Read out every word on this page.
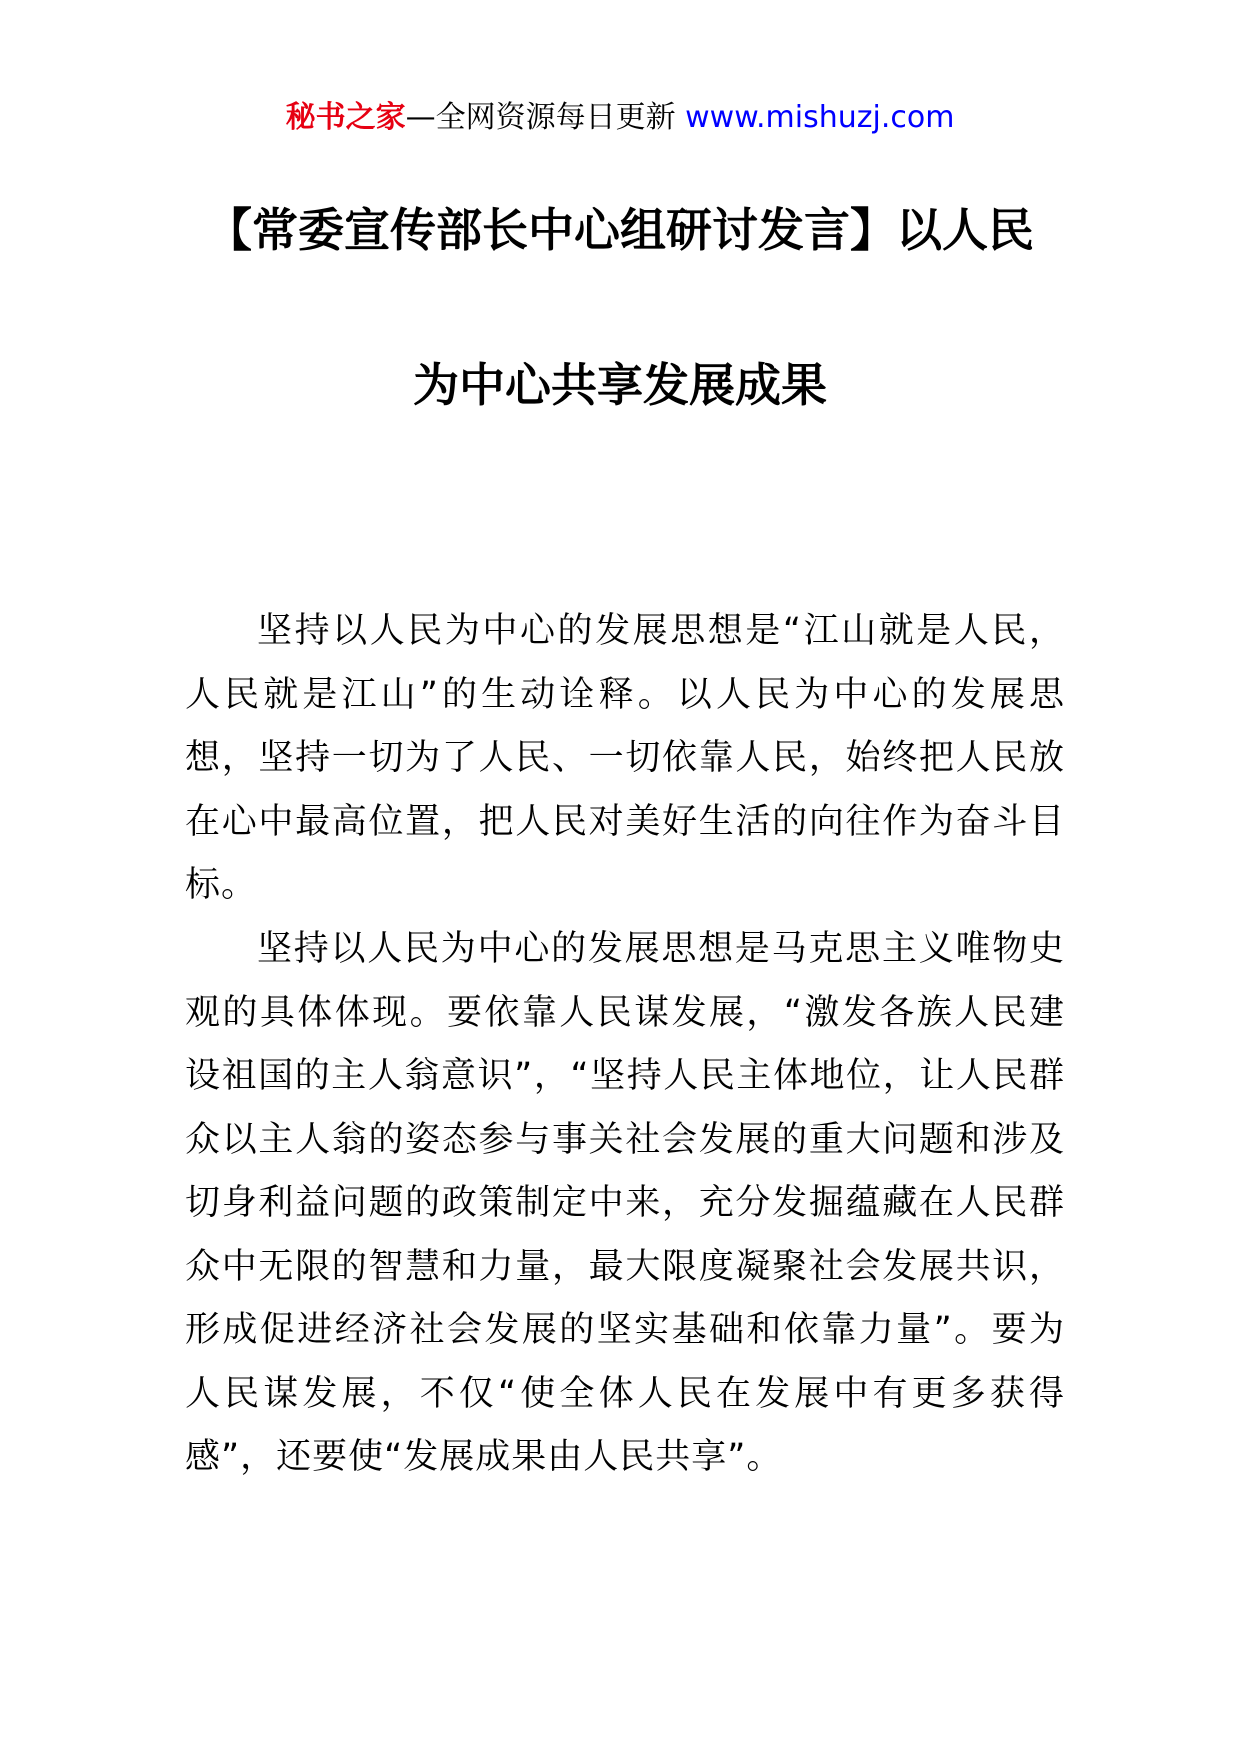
秘书之家—全网资源每日更新 www.mishuzj.com
【常委宣传部长中心组研讨发言】以人民
为中心共享发展成果

坚持以人民为中心的发展思想是“江山就是人民，人民就是江山”的生动诠释。以人民为中心的发展思想，坚持一切为了人民、一切依靠人民，始终把人民放在心中最高位置，把人民对美好生活的向往作为奋斗目标。

坚持以人民为中心的发展思想是马克思主义唯物史观的具体体现。要依靠人民谋发展，“激发各族人民建设祖国的主人翁意识”，“坚持人民主体地位，让人民群众以主人翁的姿态参与事关社会发展的重大问题和涉及切身利益问题的政策制定中来，充分发掘蕴藏在人民群众中无限的智慧和力量，最大限度凝聚社会发展共识，形成促进经济社会发展的坚实基础和依靠力量”。要为人民谋发展，不仅“使全体人民在发展中有更多获得感”，还要使“发展成果由人民共享”。
